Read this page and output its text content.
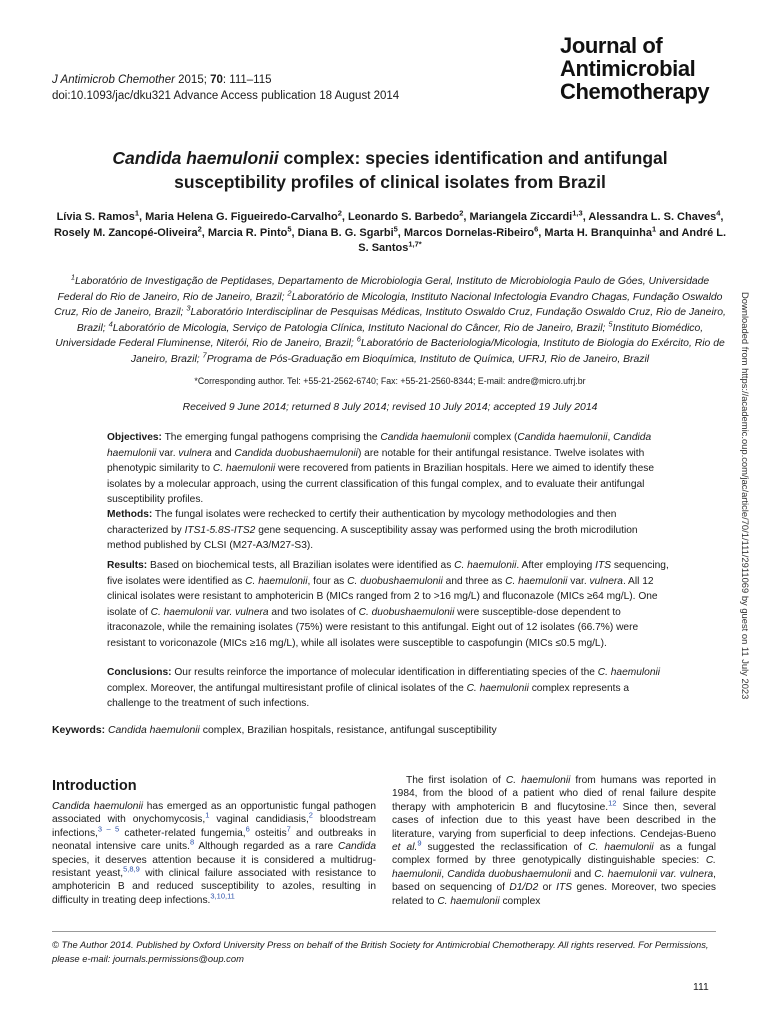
J Antimicrob Chemother 2015; 70: 111–115
doi:10.1093/jac/dku321 Advance Access publication 18 August 2014
Journal of
Antimicrobial
Chemotherapy
Candida haemulonii complex: species identification and antifungal
susceptibility profiles of clinical isolates from Brazil
Lívia S. Ramos$^1$, Maria Helena G. Figueiredo-Carvalho$^2$, Leonardo S. Barbedo$^2$, Mariangela Ziccardi$^{1,3}$, Alessandra L. S. Chaves$^4$, Rosely M. Zancopé-Oliveira$^2$, Marcia R. Pinto$^5$, Diana B. G. Sgarbi$^5$, Marcos Dornelas-Ribeiro$^6$, Marta H. Branquinha$^1$ and André L. S. Santos$^{1,7*}$
$^1$Laboratório de Investigação de Peptidases, Departamento de Microbiologia Geral, Instituto de Microbiologia Paulo de Góes, Universidade Federal do Rio de Janeiro, Rio de Janeiro, Brazil; $^2$Laboratório de Micologia, Instituto Nacional Infectologia Evandro Chagas, Fundação Oswaldo Cruz, Rio de Janeiro, Brazil; $^3$Laboratório Interdisciplinar de Pesquisas Médicas, Instituto Oswaldo Cruz, Fundação Oswaldo Cruz, Rio de Janeiro, Brazil; $^4$Laboratório de Micologia, Serviço de Patologia Clínica, Instituto Nacional do Câncer, Rio de Janeiro, Brazil; $^5$Instituto Biomédico, Universidade Federal Fluminense, Niterói, Rio de Janeiro, Brazil; $^6$Laboratório de Bacteriologia/Micologia, Instituto de Biologia do Exército, Rio de Janeiro, Brazil; $^7$Programa de Pós-Graduação em Bioquímica, Instituto de Química, UFRJ, Rio de Janeiro, Brazil
*Corresponding author. Tel: +55-21-2562-6740; Fax: +55-21-2560-8344; E-mail: andre@micro.ufrj.br
Received 9 June 2014; returned 8 July 2014; revised 10 July 2014; accepted 19 July 2014
Objectives: The emerging fungal pathogens comprising the Candida haemulonii complex (Candida haemulonii, Candida haemulonii var. vulnera and Candida duobushaemulonii) are notable for their antifungal resistance. Twelve isolates with phenotypic similarity to C. haemulonii were recovered from patients in Brazilian hospitals. Here we aimed to identify these isolates by a molecular approach, using the current classification of this fungal complex, and to evaluate their antifungal susceptibility profiles.
Methods: The fungal isolates were rechecked to certify their authentication by mycology methodologies and then characterized by ITS1-5.8S-ITS2 gene sequencing. A susceptibility assay was performed using the broth microdilution method published by CLSI (M27-A3/M27-S3).
Results: Based on biochemical tests, all Brazilian isolates were identified as C. haemulonii. After employing ITS sequencing, five isolates were identified as C. haemulonii, four as C. duobushaemulonii and three as C. haemulonii var. vulnera. All 12 clinical isolates were resistant to amphotericin B (MICs ranged from 2 to >16 mg/L) and fluconazole (MICs ≥64 mg/L). One isolate of C. haemulonii var. vulnera and two isolates of C. duobushaemulonii were susceptible-dose dependent to itraconazole, while the remaining isolates (75%) were resistant to this antifungal. Eight out of 12 isolates (66.7%) were resistant to voriconazole (MICs ≥16 mg/L), while all isolates were susceptible to caspofungin (MICs ≤0.5 mg/L).
Conclusions: Our results reinforce the importance of molecular identification in differentiating species of the C. haemulonii complex. Moreover, the antifungal multiresistant profile of clinical isolates of the C. haemulonii complex represents a challenge to the treatment of such infections.
Keywords: Candida haemulonii complex, Brazilian hospitals, resistance, antifungal susceptibility
Downloaded from https://academic.oup.com/jac/article/70/1/111/2911069 by guest on 11 July 2023
Introduction
Candida haemulonii has emerged as an opportunistic fungal pathogen associated with onychomycosis,$^1$ vaginal candidiasis,$^2$ bloodstream infections,$^{3 - 5}$ catheter-related fungemia,$^6$ osteitis$^7$ and outbreaks in neonatal intensive care units.$^8$ Although regarded as a rare Candida species, it deserves attention because it is considered a multidrug-resistant yeast,$^{5,8,9}$ with clinical failure associated with resistance to amphotericin B and reduced susceptibility to azoles, resulting in difficulty in treating deep infections.$^{3,10,11}$
The first isolation of C. haemulonii from humans was reported in 1984, from the blood of a patient who died of renal failure despite therapy with amphotericin B and flucytosine.$^{12}$ Since then, several cases of infection due to this yeast have been described in the literature, varying from superficial to deep infections. Cendejas-Bueno et al.$^9$ suggested the reclassification of C. haemulonii as a fungal complex formed by three genotypically distinguishable species: C. haemulonii, Candida duobushaemulonii and C. haemulonii var. vulnera, based on sequencing of D1/D2 or ITS genes. Moreover, two species related to C. haemulonii complex
© The Author 2014. Published by Oxford University Press on behalf of the British Society for Antimicrobial Chemotherapy. All rights reserved. For Permissions, please e-mail: journals.permissions@oup.com
111
